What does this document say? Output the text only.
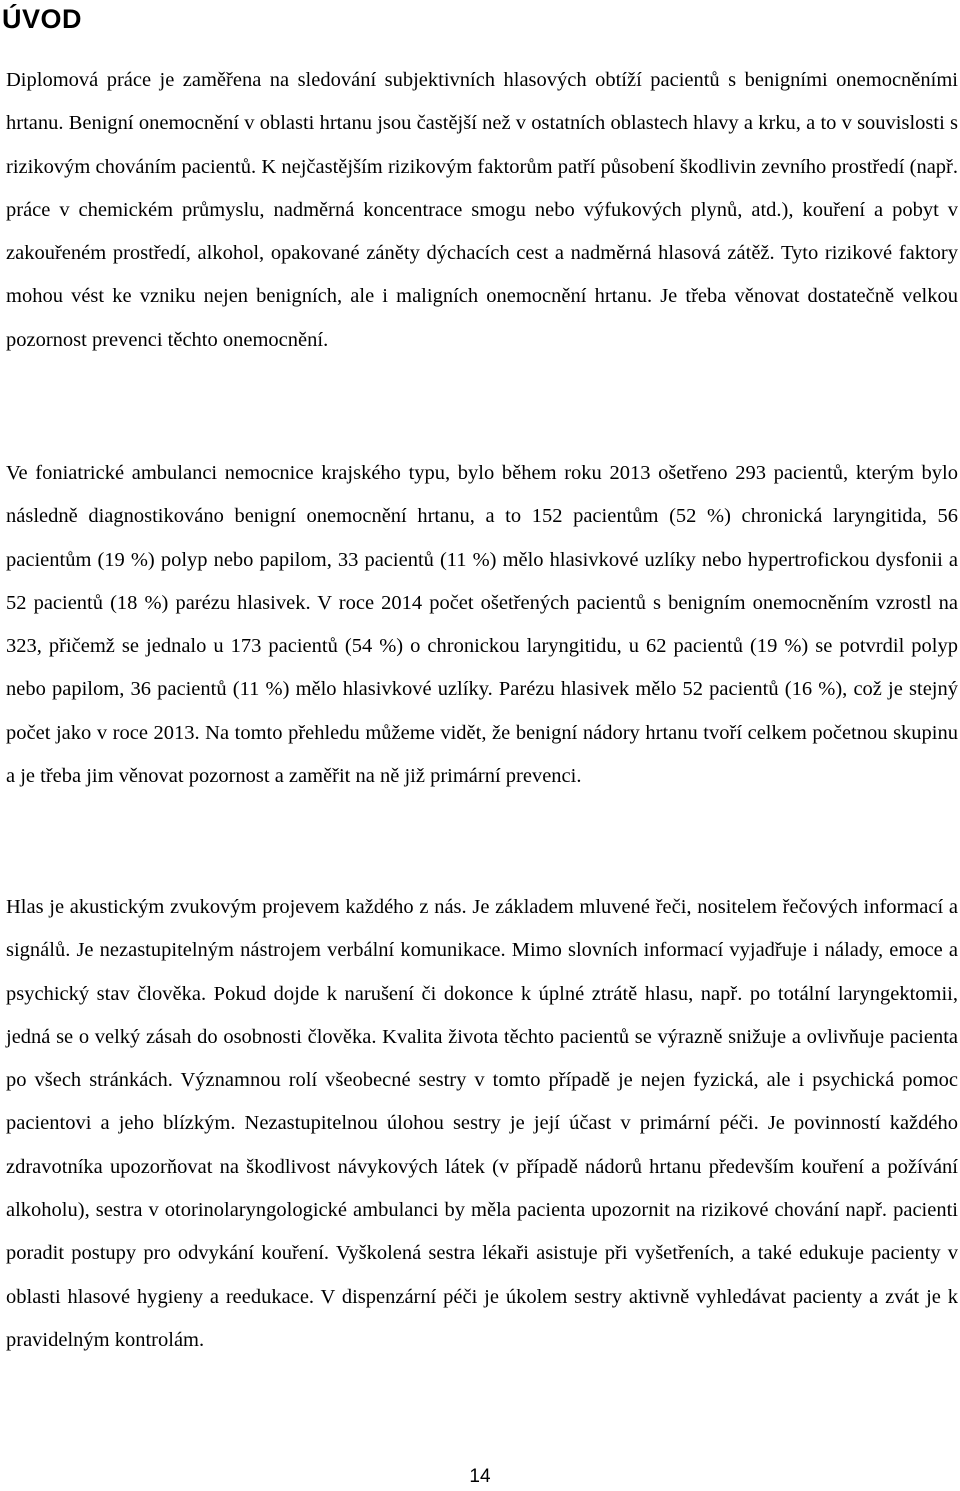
ÚVOD

Diplomová práce je zaměřena na sledování subjektivních hlasových obtíží pacientů s benigními onemocněními hrtanu. Benigní onemocnění v oblasti hrtanu jsou častější než v ostatních oblastech hlavy a krku, a to v souvislosti s rizikovým chováním pacientů. K nejčastějším rizikovým faktorům patří působení škodlivin zevního prostředí (např. práce v chemickém průmyslu, nadměrná koncentrace smogu nebo výfukových plynů, atd.), kouření a pobyt v zakouřeném prostředí, alkohol, opakované záněty dýchacích cest a nadměrná hlasová zátěž. Tyto rizikové faktory mohou vést ke vzniku nejen benigních, ale i maligních onemocnění hrtanu. Je třeba věnovat dostatečně velkou pozornost prevenci těchto onemocnění.

Ve foniatrické ambulanci nemocnice krajského typu, bylo během roku 2013 ošetřeno 293 pacientů, kterým bylo následně diagnostikováno benigní onemocnění hrtanu, a to 152 pacientům (52 %) chronická laryngitida, 56 pacientům (19 %) polyp nebo papilom, 33 pacientů (11 %) mělo hlasivkové uzlíky nebo hypertrofickou dysfonii a 52 pacientů (18 %) parézu hlasivek. V roce 2014 počet ošetřených pacientů s benigním onemocněním vzrostl na 323, přičemž se jednalo u 173 pacientů (54 %) o chronickou laryngitidu, u 62 pacientů (19 %) se potvrdil polyp nebo papilom, 36 pacientů (11 %) mělo hlasivkové uzlíky. Parézu hlasivek mělo 52 pacientů (16 %), což je stejný počet jako v roce 2013. Na tomto přehledu můžeme vidět, že benigní nádory hrtanu tvoří celkem početnou skupinu a je třeba jim věnovat pozornost a zaměřit na ně již primární prevenci.

Hlas je akustickým zvukovým projevem každého z nás. Je základem mluvené řeči, nositelem řečových informací a signálů. Je nezastupitelným nástrojem verbální komunikace. Mimo slovních informací vyjadřuje i nálady, emoce a psychický stav člověka. Pokud dojde k narušení či dokonce k úplné ztrátě hlasu, např. po totální laryngektomii, jedná se o velký zásah do osobnosti člověka. Kvalita života těchto pacientů se výrazně snižuje a ovlivňuje pacienta po všech stránkách. Významnou rolí všeobecné sestry v tomto případě je nejen fyzická, ale i psychická pomoc pacientovi a jeho blízkým. Nezastupitelnou úlohou sestry je její účast v primární péči. Je povinností každého zdravotníka upozorňovat na škodlivost návykových látek (v případě nádorů hrtanu především kouření a požívání alkoholu), sestra v otorinolaryngologické ambulanci by měla pacienta upozornit na rizikové chování např. pacienti poradit postupy pro odvykání kouření. Vyškolená sestra lékaři asistuje při vyšetřeních, a také edukuje pacienty v oblasti hlasové hygieny a reedukace. V dispenzární péči je úkolem sestry aktivně vyhledávat pacienty a zvát je k pravidelným kontrolám.

14
